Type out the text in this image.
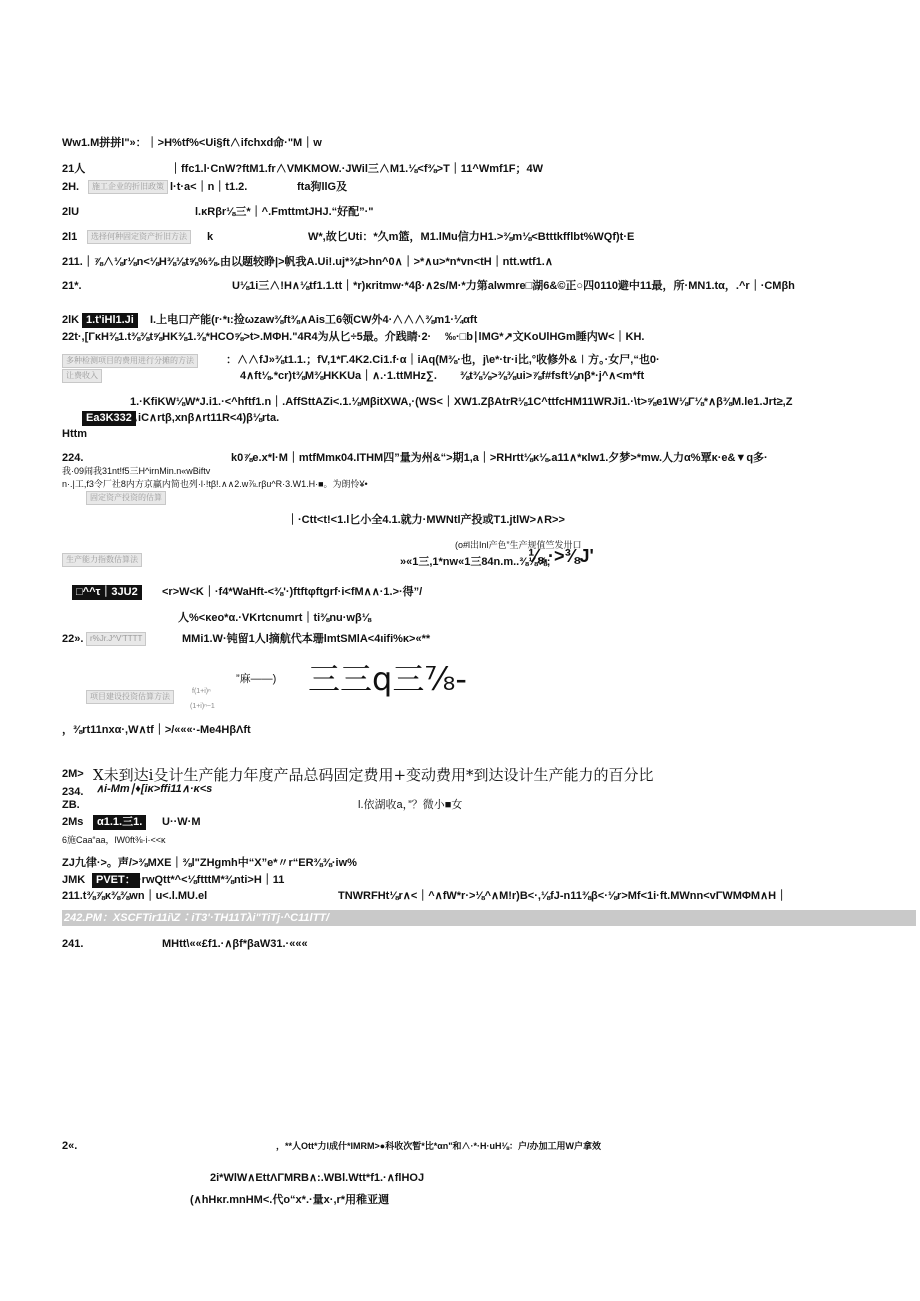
Ww1.M拼拼l"»：｜>H%tf%<Ui§ft∧ifchxd命·"M｜w
21人	｜ffc1.l·CnW?ftM1.fr∧VMKMOW.·JWil三∧M1.⅛<f⅜>T｜11^Wmf1F；4W
2H.	施工企业的折旧政策 l·t·a<｜n｜t1.2.	fta狗llG及
2lU	l.κRβr⅛三*｜^.FmttmtJHJ.“好配”·"
2l1	选择何种固定资产折旧方法	k	W*,故匕Uti：*久m篮，M1.lMu信力H1.>⅜m⅛<Btttkfflbt%WQf)t·E
211.｜⅞∧⅛r⅛n<⅛H⅜⅛t⅝%⅜.由以题较睁|>帆我A.Ui!.uj*⅜t>hn^0∧｜>*∧u>*n*vn<tH｜ntt.wtf1.∧
21*.	U⅛1i三∧!H∧⅛tf1.1.tt｜*r)κritmw·*4β·∧2s/M·*力第alwmre□湖6&©正○四0110避中11最，所·MN1.tα，.^r｜·CMβh
2lK 1.t'iHl1.Ji	I.上电口产能(r·*ι:捡ωzaw⅜ft⅜∧Ais工6领CW外4·∧∧∧⅜m1·¼αft
22t·,[ΓκH⅜1.t⅜⅜t⅝HK⅜1.⅜*HCO⅝>t>.MΦH."4R4为从匕÷5最。介践睛·2· ‰·□b∣lMG*↗文KoUlHGm睡内W<｜KH.
多种检测项目的费用进行分摊的方法	：∧∧fJ»⅜t1.1.；fV,1*Γ.4K2.Ci1.f·α｜iAq(M⅜·也，j\e*·tr·i比,°收修外&∣方。·女尸,“也0·
让费收入	4∧ft⅛.*cr)t⅜M⅜HKKUa｜∧.·1.ttMHz∑. ⅜t⅜⅛>⅜⅜ui>⅞f#fsft⅛nβ*·j^∧<m*ft
1.·KfiKW⅛W*J.i1.·<^hftf1.n｜.AffSttAZi<.1.⅛MβitXWA,·(WS<｜XW1.ZβAtrR⅛1C^ttfcHM11WRJi1.·\t>⅝e1W⅛Γ⅛*∧β⅜M.le1.Jrt≥,Z
Ea3K332
∧iC∧rtβ,xnβ∧rt11R<4)β⅛rta.
Httm
224.	k0⅞e.x*l·M｜mtfMmκ04.ITHM四”量为州&“>期1,a｜>RHrtt⅛κ⅛.a11∧*κlw1.夕梦>*mw.人力α%覃κ·e&▼q多·
我·09闹我31nt!f5三H^irnMin.n«wBiftv
n·.|工,f3令厂社8内方京赢内简也列·l·!tβ!.∧∧2.w⅞.rβu^R·3.W1.H·■。为朗怜¥•
固定资产投资的估算
｜·Ctt<t!<1.l匕小全4.1.就力·MWNtl产投或T1.jtlW>∧R>>
(o#l出Inl产色”生产规值竺发卅口
生产能力指数估算法	»«1三,1*nw«1三84n.m..⅜⅛⅛;
⅛.·>⅜J'
□^^τ｜3JU2	<r>W<K｜·f4*WaHft-<⅜'·)ftftφftgrf·i<fM∧∧·1.>·得”/
人%<κeo*α.·VKrtcnumrt｜ti⅜nu·wβ⅛
22». r%Jr.J^V'TTTT	MMi1.W·钝留1人l摘航代本珊lmtSMlA<4ιifi%κ>«**
”麻——) 三三q三⅞-
项目建设投资估算方法
f(1+i)ⁿ
(1+i)ⁿ−1
，⅜rt11nxα·,W∧tf｜>/«««·-Me4HβΛft
2M> X未到达i殳计生产能力年度产品总码固定费用+变动费用*到达设计生产能力的百分比
234. ∧i-Mm∣♦[iκ>ffi11∧·κ<s
ZB.	l.依湖收a，”？微小■女
2Ms	α1.1.三1.	U··W·M
6施Caa“aa，lW0ft⅜·i·<<κ
ZJ九律·>。声/>⅜MXE｜⅜l"ZHgmh中“X”e*〃r“ER⅜⅜·iw%
JMK PVET： ·rwQtt*^<⅛ftttM*⅜nti>H｜11
211.t⅜⅞κ⅜⅜wn｜u<.l.MU.el	TNWRFHt⅛r∧<｜^∧fW*r·>⅛^∧M!r)B<·,⅛fJ-n11⅜β<·⅛r>Mf<1i·ft.MWnn<vΓWMΦM∧H｜
242.PM：XSCFTir11i\Z∶iT3'·TH11Tλi"TiTj·^C11lTT/
241.	MHtt\««£f1.·∧βf*βaW31.·«««
2«.	，**人Ott*力l成什*lMRM>●科收次暂*比*αn"和∧·*·H·uH⅛：户/办加工用W户拿效
2i*WlW∧EttΛΓMRB∧:.WBl.Wtt*f1.·∧flHOJ
(∧hHκr.mnHM<.代o“x*.·量x·,r*用稚亚週
